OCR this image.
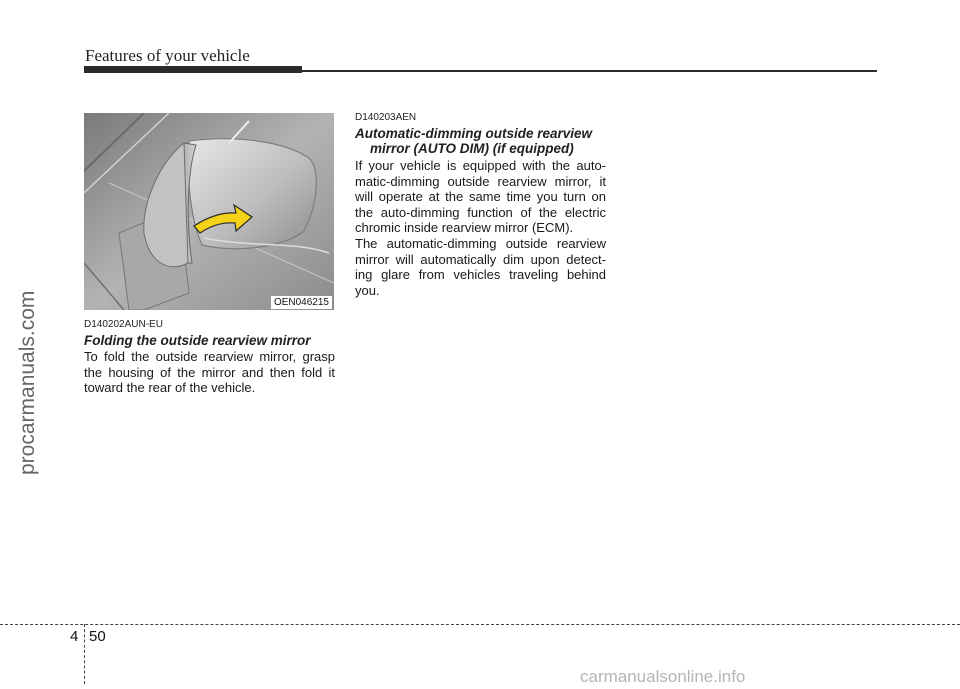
Features of your vehicle
procarmanuals.com	OEN046215
D140202AUN-EU
Folding the outside rearview mirror

To fold the outside rearview mirror, grasp the housing of the mirror and then fold it toward the rear of the vehicle.

D140203AEN
Automatic-dimming outside rearview
mirror (AUTO DIM) (if equipped)

If your vehicle is equipped with the auto-matic-dimming outside rearview mirror, it will operate at the same time you turn on the auto-dimming function of the electric chromic inside rearview mirror (ECM).

The automatic-dimming outside rearview mirror will automatically dim upon detect-ing glare from vehicles traveling behind you.

4 50
carmanualsonline.info
